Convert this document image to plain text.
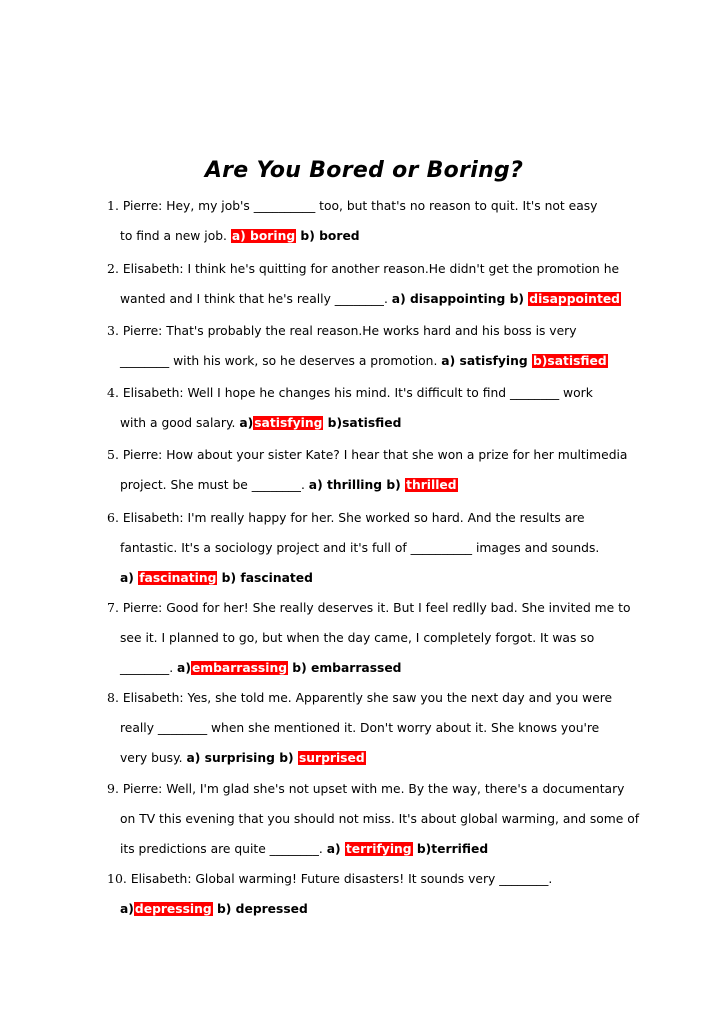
Are You Bored or Boring?
1. Pierre: Hey, my job's __________ too, but that's no reason to quit. It's not easy
to find a new job. a) boring b) bored
2. Elisabeth: I think he's quitting for another reason.He didn't get the promotion he
wanted and I think that he's really ________. a) disappointing b) disappointed
3. Pierre: That's probably the real reason.He works hard and his boss is very
________ with his work, so he deserves a promotion. a) satisfying b)satisfied
4. Elisabeth: Well I hope he changes his mind. It's difficult to find ________ work
with a good salary. a)satisfying b)satisfied
5. Pierre: How about your sister Kate? I hear that she won a prize for her multimedia
project. She must be ________. a) thrilling b) thrilled
6. Elisabeth: I'm really happy for her. She worked so hard. And the results are
fantastic. It's a sociology project and it's full of __________ images and sounds.
a) fascinating b) fascinated
7. Pierre: Good for her! She really deserves it. But I feel redlly bad. She invited me to
see it. I planned to go, but when the day came, I completely forgot. It was so
________. a)embarrassing b) embarrassed
8. Elisabeth: Yes, she told me. Apparently she saw you the next day and you were
really ________ when she mentioned it. Don't worry about it. She knows you're
very busy. a) surprising b) surprised
9. Pierre: Well, I'm glad she's not upset with me. By the way, there's a documentary
on TV this evening that you should not miss. It's about global warming, and some of
its predictions are quite ________. a) terrifying b)terrified
10. Elisabeth: Global warming! Future disasters! It sounds very ________.
a)depressing b) depressed
